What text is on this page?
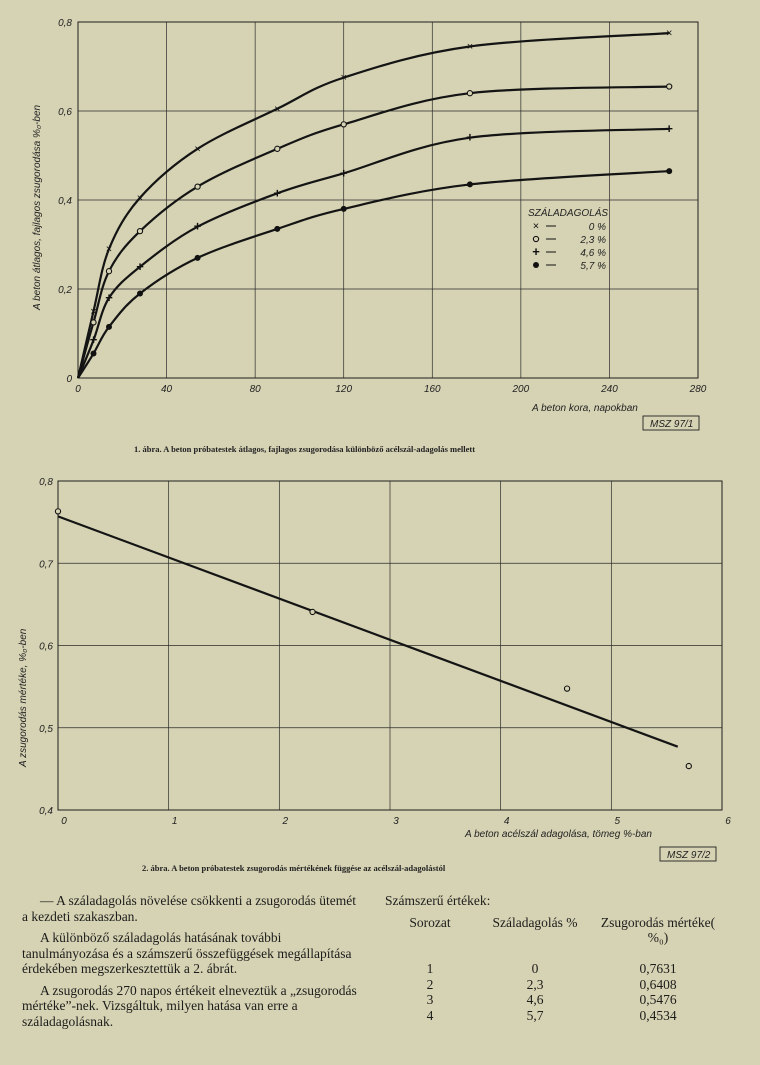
0	40	80	120	160	200	240	280
0
0,2
0,4
0,6
0,8
×
×
×
×
×
×
×
×
+
+
+
+
+
+
+
+
A beton kora, napokban
A beton átlagos, fajlagos zsugorodása %₀-ben	SZÁLADAGOLÁS
×	0 %
2,3 %
+	4,6 %
5,7 %
MSZ 97/1
1. ábra. A beton próbatestek átlagos, fajlagos zsugorodása különböző acélszál-adagolás mellett
0	1	2	3	4	5	6
0,4
0,5
0,6
0,7
0,8
A beton acélszál adagolása, tömeg %-ban
A zsugorodás mértéke, %₀-ben
MSZ 97/2
2. ábra. A beton próbatestek zsugorodás mértékének függése az acélszál-adagolástól

— A száladagolás növelése csökkenti a zsugorodás ütemét a kezdeti szakaszban.

A különböző száladagolás hatásának további tanulmányozása és a számszerű összefüggések megállapítása érdekében megszerkesztettük a 2. ábrát.

A zsugorodás 270 napos értékeit elneveztük a „zsugorodás mértéke”-nek. Vizsgáltuk, milyen hatása van erre a száladagolásnak.

Számszerű értékek:
Sorozat	Száladagolás %	Zsugorodás mértéke( %₀)
1	0	0,7631
2	2,3	0,6408
3	4,6	0,5476
4	5,7	0,4534
